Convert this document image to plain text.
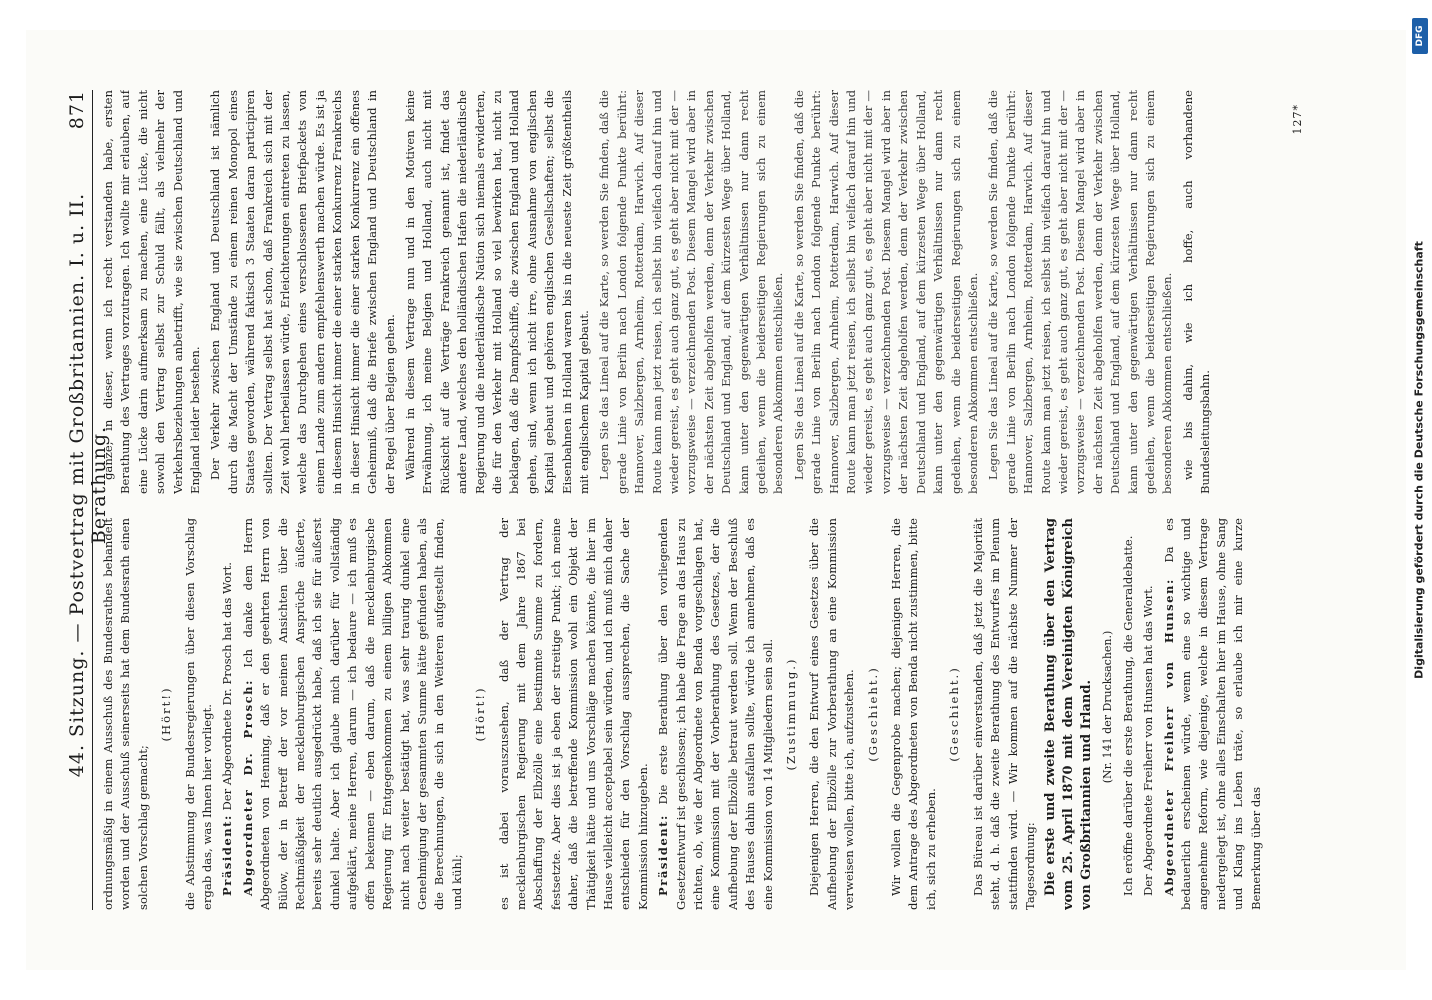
44. Sitzung. — Postvertrag mit Großbritannien. I. u. II. Berathung.
871

ordnungsmäßig in einem Ausschuß des Bundesrathes behandelt worden und der Ausschuß seinerseits hat dem Bundesrath einen solchen Vorschlag gemacht;

(Hört!) die Abstimmung der Bundesregierungen über diesen Vorschlag ergab das, was Ihnen hier vorliegt. Präsident: Der Abgeordnete Dr. Prosch hat das Wort. Abgeordneter Dr. Prosch: Ich danke dem Herrn Abgeordneten von Henning, daß er den geehrten Herrn von Bülow, der in Betreff der vor meinen Ansichten über die Rechtmäßigkeit der mecklenburgischen Ansprüche äußerte, bereits sehr deutlich ausgedrückt habe, daß ich sie für äußerst dunkel halte. Aber ich glaube mich darüber für vollständig aufgeklärt, meine Herren, darum — ich bedaure — ich muß es offen bekennen — eben darum, daß die mecklenburgische Regierung für Entgegenkommen zu einem billigen Abkommen nicht nach weiter bestätigt hat, was sehr traurig dunkel eine Genehmigung der gesammten Summe hätte gefunden haben, als die Berechnungen, die sich in den Weiteren aufgestellt finden, und kühl;

(Hört!) es ist dabei vorauszusehen, daß der Vertrag der mecklenburgischen Regierung mit dem Jahre 1867 bei Abschaffung der Elbzölle eine bestimmte Summe zu fordern, festsetzte. Aber dies ist ja eben der streitige Punkt; ich meine daher, daß die betreffende Kommission wohl ein Objekt der Thätigkeit hätte und uns Vorschläge machen könnte, die hier im Hause vielleicht acceptabel sein würden, und ich muß mich daher entschieden für den Vorschlag aussprechen, die Sache der Kommission hinzugeben. Präsident: Die erste Berathung über den vorliegenden Gesetzentwurf ist geschlossen; ich habe die Frage an das Haus zu richten, ob, wie der Abgeordnete von Benda vorgeschlagen hat, eine Kommission mit der Vorberathung des Gesetzes, der die Aufhebung der Elbzölle betraut werden soll. Wenn der Beschluß des Hauses dahin ausfallen sollte, würde ich annehmen, daß es eine Kommission von 14 Mitgliedern sein soll. (Zustimmung.) Diejenigen Herren, die den Entwurf eines Gesetzes über die Aufhebung der Elbzölle zur Vorberathung an eine Kommission verweisen wollen, bitte ich, aufzustehen. (Geschieht.) Wir wollen die Gegenprobe machen; diejenigen Herren, die dem Antrage des Abgeordneten von Benda nicht zustimmen, bitte ich, sich zu erheben.

(Geschieht.) Das Büreau ist darüber einverstanden, daß jetzt die Majorität steht, d. h. daß die zweite Berathung des Entwurfes im Plenum stattfinden wird. — Wir kommen auf die nächste Nummer der Tagesordnung: Die erste und zweite Berathung über den Vertrag vom 25. April 1870 mit dem Vereinigten Königreich von Großbritannien und Irland. (Nr. 141 der Drucksachen.) Ich eröffne darüber die erste Berathung, die Generaldebatte. Der Abgeordnete Freiherr von Hunsen hat das Wort. Abgeordneter Freiherr von Hunsen: Da es bedauerlich erscheinen würde, wenn eine so wichtige und angenehme Reform, wie diejenige, welche in diesem Vertrage niedergelegt ist, ohne alles Einschalten hier im Hause, ohne Sang und Klang ins Leben träte, so erlaube ich mir eine kurze Bemerkung über das

ganze, in dieser, wenn ich recht verstanden habe, ersten Berathung des Vertrages vorzutragen. Ich wollte mir erlauben, auf eine Lücke darin aufmerksam zu machen, eine Lücke, die nicht sowohl den Vertrag selbst zur Schuld fällt, als vielmehr der Verkehrsbeziehungen anbetrifft, wie sie zwischen Deutschland und England leider bestehen. Der Verkehr zwischen England und Deutschland ist nämlich durch die Macht der Umstände zu einem reinen Monopol eines Staates geworden, während faktisch 3 Staaten daran participiren sollten. Der Vertrag selbst hat schon, daß Frankreich sich mit der Zeit wohl herbeilassen würde, Erleichterungen eintreten zu lassen, welche das Durchgehen eines verschlossenen Briefpackets von einem Lande zum andern empfehlenswerth machen würde. Es ist ja in diesem Hinsicht immer die einer starken Konkurrenz Frankreichs in dieser Hinsicht immer die einer starken Konkurrenz ein offenes Geheimniß, daß die Briefe zwischen England und Deutschland in der Regel über Belgien gehen. Während in diesem Vertrage nun und in den Motiven keine Erwähnung, ich meine Belgien und Holland, auch nicht mit Rücksicht auf die Verträge Frankreich genannt ist, findet das andere Land, welches den holländischen Hafen die niederländische Regierung und die niederländische Nation sich niemals erwiderten, die für den Verkehr mit Holland so viel bewirken hat, nicht zu beklagen, daß die Dampfschiffe, die zwischen England und Holland gehen, sind, wenn ich nicht irre, ohne Ausnahme von englischen Kapital gebaut und gehören englischen Gesellschaften; selbst die Eisenbahnen in Holland waren bis in die neueste Zeit größtentheils mit englischem Kapital gebaut. Legen Sie das Lineal auf die Karte, so werden Sie finden, daß die gerade Linie von Berlin nach London folgende Punkte berührt: Hannover, Salzbergen, Arnheim, Rotterdam, Harwich. Auf dieser Route kann man jetzt reisen, ich selbst bin vielfach darauf hin und wieder gereist, es geht auch ganz gut, es geht aber nicht mit der — vorzugsweise — verzeichnenden Post. Diesem Mangel wird aber in der nächsten Zeit abgeholfen werden, denn der Verkehr zwischen Deutschland und England, auf dem kürzesten Wege über Holland, kann unter den gegenwärtigen Verhältnissen nur dann recht gedeihen, wenn die beiderseitigen Regierungen sich zu einem besonderen Abkommen entschließen. Legen Sie das Lineal auf die Karte, so werden Sie finden, daß die gerade Linie von Berlin nach London folgende Punkte berührt: Hannover, Salzbergen, Arnheim, Rotterdam, Harwich. Auf dieser Route kann man jetzt reisen, ich selbst bin vielfach darauf hin und wieder gereist, es geht auch ganz gut, es geht aber nicht mit der — vorzugsweise — verzeichnenden Post. Diesem Mangel wird aber in der nächsten Zeit abgeholfen werden, denn der Verkehr zwischen Deutschland und England, auf dem kürzesten Wege über Holland, kann unter den gegenwärtigen Verhältnissen nur dann recht gedeihen, wenn die beiderseitigen Regierungen sich zu einem besonderen Abkommen entschließen. Legen Sie das Lineal auf die Karte, so werden Sie finden, daß die gerade Linie von Berlin nach London folgende Punkte berührt: Hannover, Salzbergen, Arnheim, Rotterdam, Harwich. Auf dieser Route kann man jetzt reisen, ich selbst bin vielfach darauf hin und wieder gereist, es geht auch ganz gut, es geht aber nicht mit der — vorzugsweise — verzeichnenden Post. Diesem Mangel wird aber in der nächsten Zeit abgeholfen werden, denn der Verkehr zwischen Deutschland und England, auf dem kürzesten Wege über Holland, kann unter den gegenwärtigen Verhältnissen nur dann recht gedeihen, wenn die beiderseitigen Regierungen sich zu einem besonderen Abkommen entschließen. wie bis dahin, wie ich hoffe, auch vorhandene Bundesleitungsbahn.

127*
Digitalisierung gefördert durch die Deutsche Forschungsgemeinschaft
DFG
